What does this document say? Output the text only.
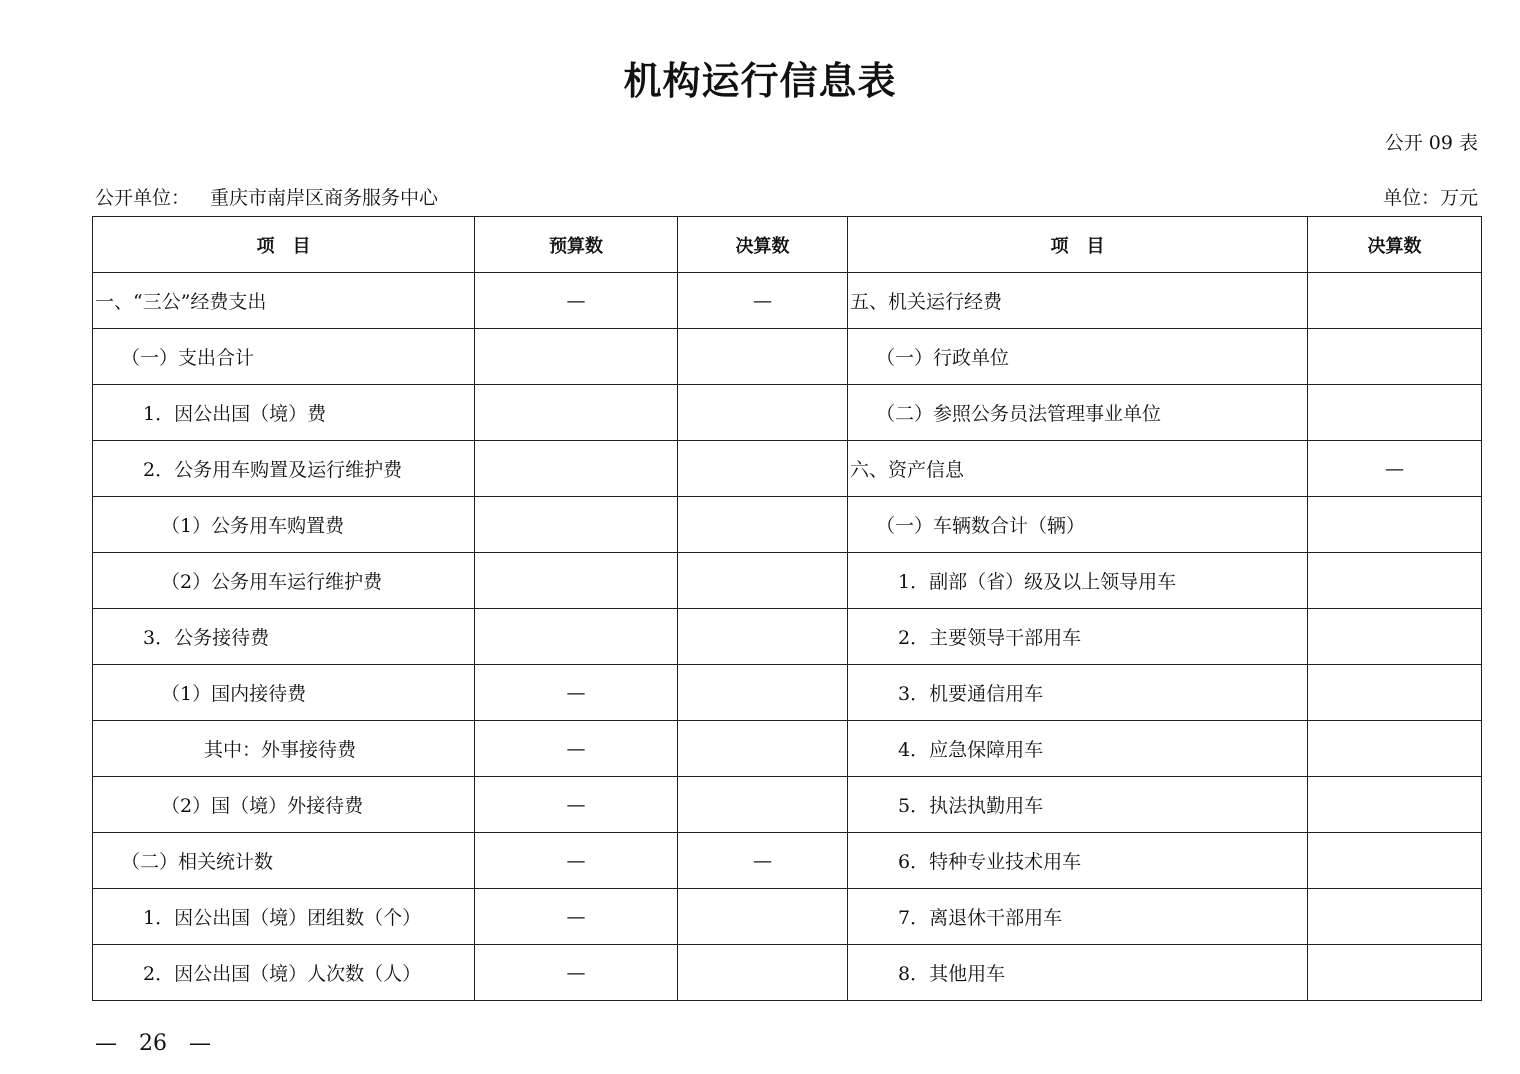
机构运行信息表
公开 09 表
公开单位： 重庆市南岸区商务服务中心	单位：万元
项　目	预算数	决算数	项　目	决算数
一、“三公”经费支出	—	—	五、机关运行经费	
（一）支出合计			（一）行政单位	
1．因公出国（境）费			（二）参照公务员法管理事业单位	
2．公务用车购置及运行维护费			六、资产信息	—
（1）公务用车购置费			（一）车辆数合计（辆）	
（2）公务用车运行维护费			1．副部（省）级及以上领导用车	
3．公务接待费			2．主要领导干部用车	
（1）国内接待费	—		3．机要通信用车	
其中：外事接待费	—		4．应急保障用车	
（2）国（境）外接待费	—		5．执法执勤用车	
（二）相关统计数	—	—	6．特种专业技术用车	
1．因公出国（境）团组数（个）	—		7．离退休干部用车	
2．因公出国（境）人次数（人）	—		8．其他用车	
—　26　—
